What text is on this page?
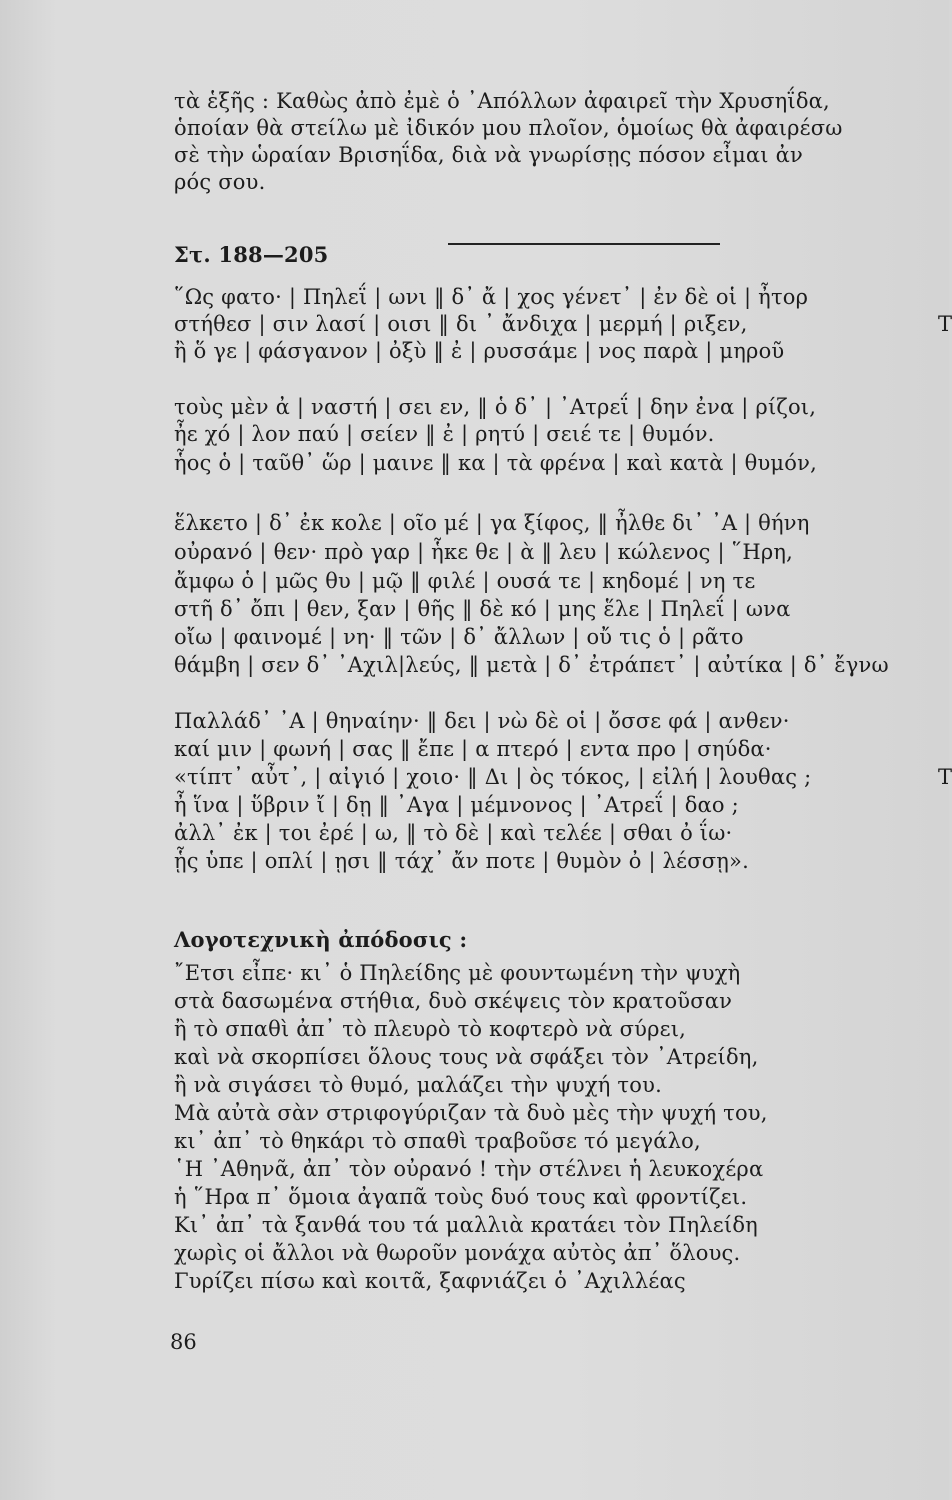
τὰ ἑξῆς : Καθὼς ἀπὸ ἐμὲ ὁ ᾿Απόλλων ἀφαιρεῖ τὴν Χρυσηΐδα,
ὁποίαν θὰ στείλω μὲ ἰδικόν μου πλοῖον, ὁμοίως θὰ ἀφαιρέσω
σὲ τὴν ὡραίαν Βρισηΐδα, διὰ νὰ γνωρίσῃς πόσον εἶμαι ἀν
ρός σου.
Στ. 188—205
῞Ως φατο· | Πηλεΐ | ωνι ‖ δ᾿ ἄ | χος γένετ᾿ | ἐν δὲ οἱ | ἦτορ
στήθεσ | σιν λασί | οισι ‖ δι ᾿ ἄνδιχα | μερμή | ριξεν,
ἢ ὅ γε | φάσγανον | ὀξὺ ‖ ἐ | ρυσσάμε | νος παρὰ | μηροῦ
τοὺς μὲν ἀ | ναστή | σει εν, ‖ ὁ δ᾿ | ᾿Ατρεΐ | δην ἐνα | ρίζοι,
ἦε χό | λον παύ | σείεν ‖ ἐ | ρητύ | σειέ τε | θυμόν.
ἧος ὁ | ταῦθ᾿ ὥρ | μαινε ‖ κα | τὰ φρένα | καὶ κατὰ | θυμόν,
ἕλκετο | δ᾿ ἐκ κολε | οῖο μέ | γα ξίφος, ‖ ἦλθε δι᾿ ᾿Α | θήνη
οὐρανό | θεν· πρὸ γαρ | ἧκε θε | ὰ ‖ λευ | κώλενος | ῞Ηρη,
ἄμφω ὁ | μῶς θυ | μῷ ‖ φιλέ | ουσά τε | κηδομέ | νη τε
στῆ δ᾿ ὄπι | θεν, ξαν | θῆς ‖ δὲ κό | μης ἕλε | Πηλεΐ | ωνα
οἴω | φαινομέ | νη· ‖ τῶν | δ᾿ ἄλλων | οὔ τις ὁ | ρᾶτο
θάμβη | σεν δ᾿ ᾿Αχιλ|λεύς, ‖ μετὰ | δ᾿ ἐτράπετ᾿ | αὐτίκα | δ᾿ ἔγνω
Παλλάδ᾿ ᾿Α | θηναίην· ‖ δει | νὼ δὲ οἱ | ὄσσε φά | ανθεν·
καί μιν | φωνή | σας ‖ ἔπε | α πτερό | εντα προ | σηύδα·
«τίπτ᾿ αὖτ᾿, | αἰγιό | χοιο· ‖ Δι | ὸς τόκος, | εἰλή | λουθας ;
ἦ ἵνα | ὕβριν ἴ | δῃ ‖ ᾿Αγα | μέμνονος | ᾿Ατρεΐ | δαο ;
ἀλλ᾿ ἐκ | τοι ἐρέ | ω, ‖ τὸ δὲ | καὶ τελέε | σθαι ὀ ΐω·
ᾗς ὑπε | οπλί | ῃσι ‖ τάχ᾿ ἄν ποτε | θυμὸν ὀ | λέσσῃ».
T
T
Λογοτεχνικὴ ἀπόδοσις :
῎Ετσι εἶπε· κι᾿ ὁ Πηλείδης μὲ φουντωμένη τὴν ψυχὴ
στὰ δασωμένα στήθια, δυὸ σκέψεις τὸν κρατοῦσαν
ἢ τὸ σπαθὶ ἀπ᾿ τὸ πλευρὸ τὸ κοφτερὸ νὰ σύρει,
καὶ νὰ σκορπίσει ὅλους τους νὰ σφάξει τὸν ᾿Ατρείδη,
ἢ νὰ σιγάσει τὸ θυμό, μαλάζει τὴν ψυχή του.
Μὰ αὐτὰ σὰν στριφογύριζαν τὰ δυὸ μὲς τὴν ψυχή του,
κι᾿ ἀπ᾿ τὸ θηκάρι τὸ σπαθὶ τραβοῦσε τό μεγάλο,
῾Η ᾿Αθηνᾶ, ἀπ᾿ τὸν οὐρανό ! τὴν στέλνει ἡ λευκοχέρα
ἡ ῞Ηρα π᾿ ὅμοια ἀγαπᾶ τοὺς δυό τους καὶ φροντίζει.
Κι᾿ ἀπ᾿ τὰ ξανθά του τά μαλλιὰ κρατάει τὸν Πηλείδη
χωρὶς οἱ ἄλλοι νὰ θωροῦν μονάχα αὐτὸς ἀπ᾿ ὅλους.
Γυρίζει πίσω καὶ κοιτᾶ, ξαφνιάζει ὁ ᾿Αχιλλέας
86
